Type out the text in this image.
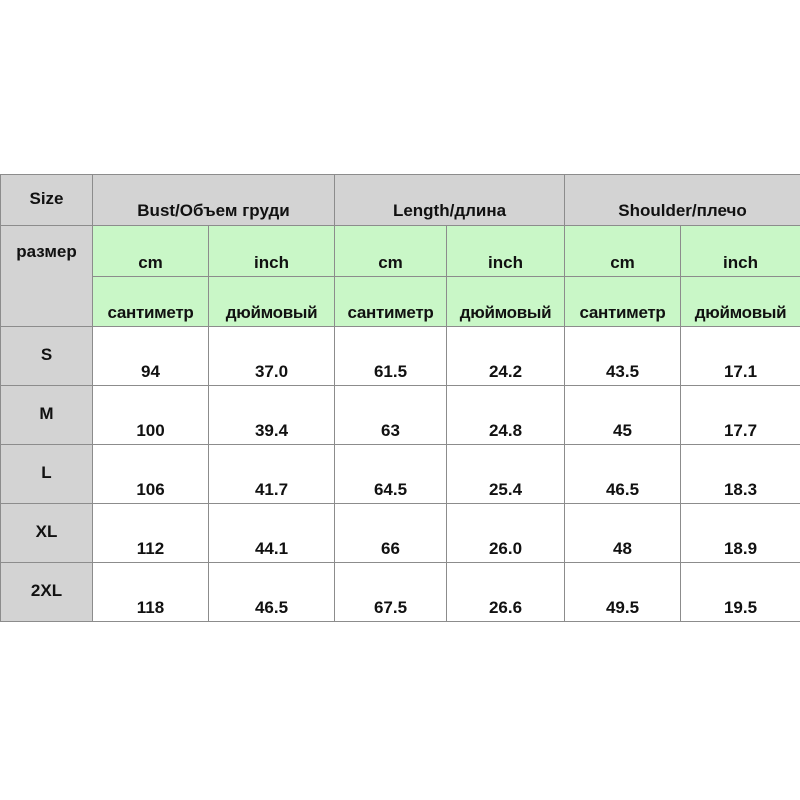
Size	Bust/Объем груди		Length/длина		Shoulder/плечо	
размер	cm	inch	cm	inch	cm	inch
	сантиметр	дюймовый	сантиметр	дюймовый	сантиметр	дюймовый
S	94	37.0	61.5	24.2	43.5	17.1
M	100	39.4	63	24.8	45	17.7
L	106	41.7	64.5	25.4	46.5	18.3
XL	112	44.1	66	26.0	48	18.9
2XL	118	46.5	67.5	26.6	49.5	19.5
